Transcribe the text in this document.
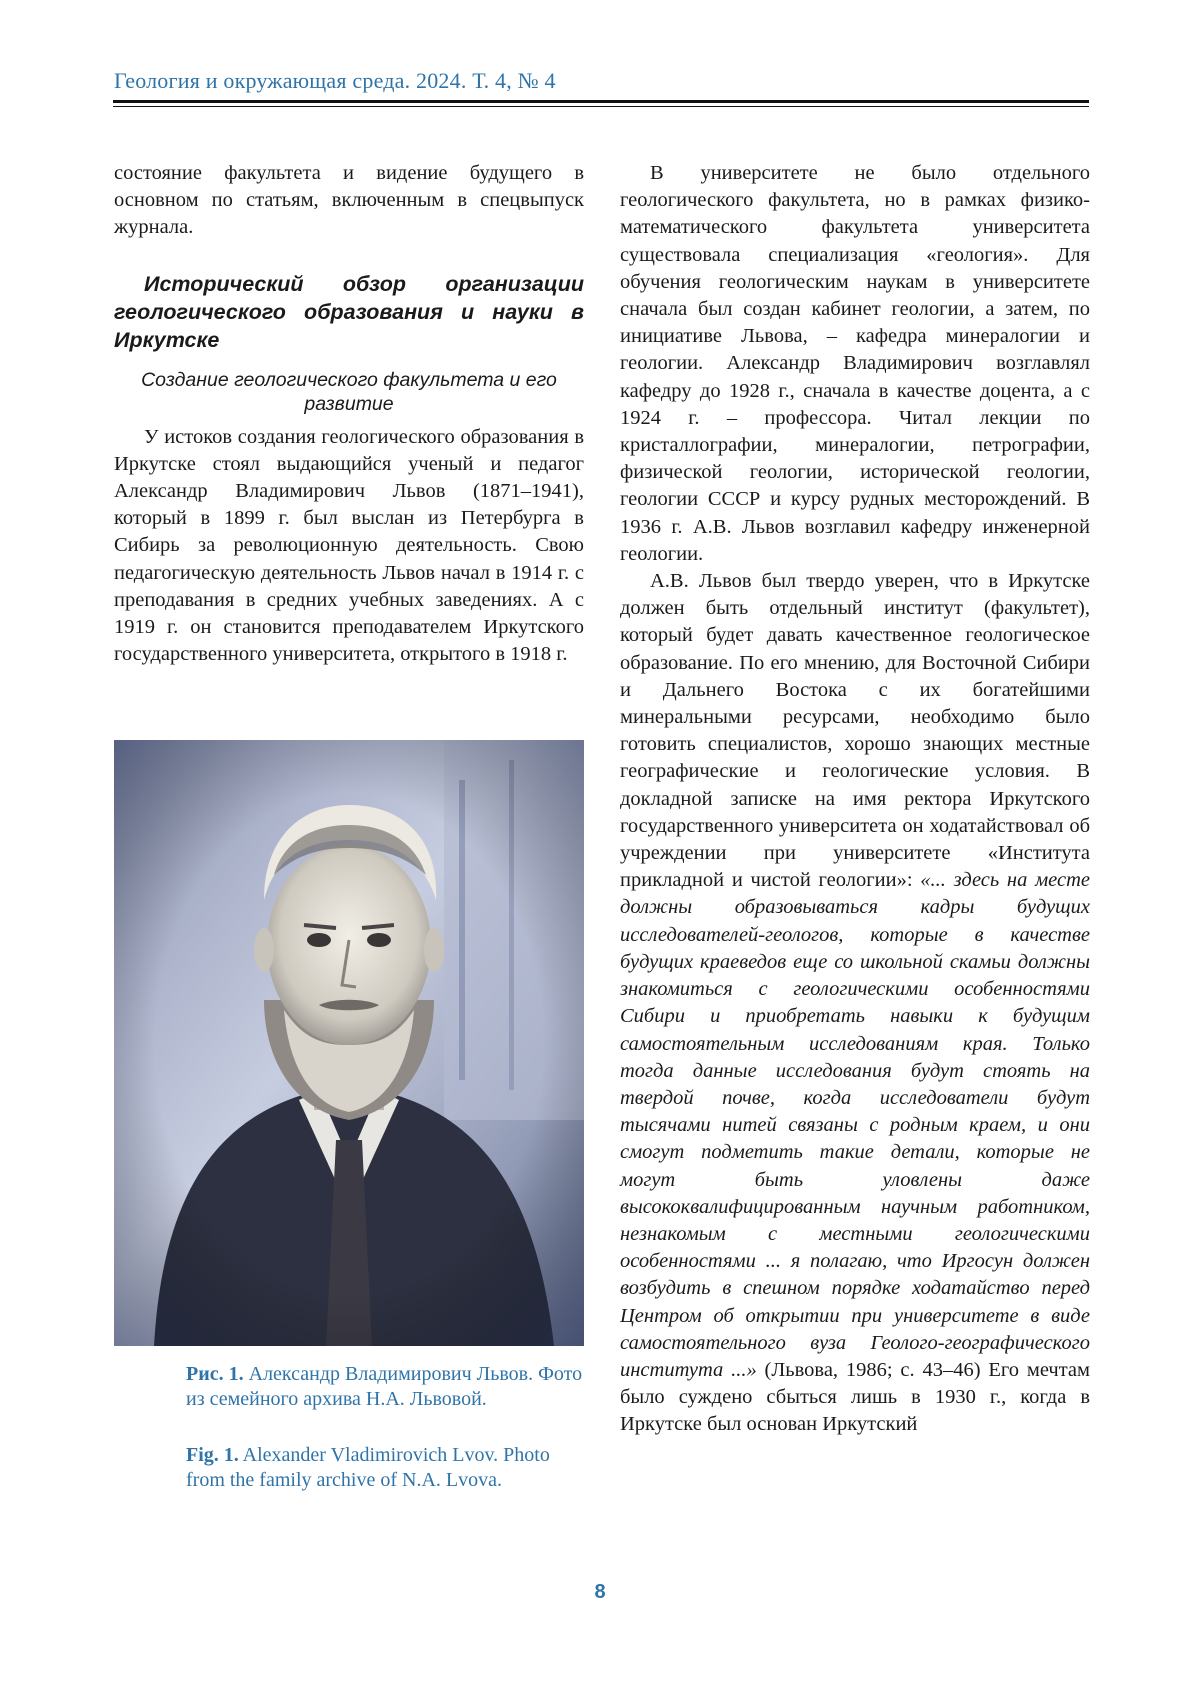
Геология и окружающая среда. 2024. Т. 4, № 4

состояние факультета и видение будущего в основном по статьям, включенным в спецвыпуск журнала.

Исторический обзор организации геологического образования и науки в Иркутске
Создание геологического факультета и его развитие

У истоков создания геологического образования в Иркутске стоял выдающийся ученый и педагог Александр Владимирович Львов (1871–1941), который в 1899 г. был выслан из Петербурга в Сибирь за революционную деятельность. Свою педагогическую деятельность Львов начал в 1914 г. с преподавания в средних учебных заведениях. А с 1919 г. он становится преподавателем Иркутского государственного университета, открытого в 1918 г.

Рис. 1. Александр Владимирович Львов. Фото из семейного архива Н.А. Львовой.
Fig. 1. Alexander Vladimirovich Lvov. Photo from the family archive of N.A. Lvova.

В университете не было отдельного геологического факультета, но в рамках физико-математического факультета университета существовала специализация «геология». Для обучения геологическим наукам в университете сначала был создан кабинет геологии, а затем, по инициативе Львова, – кафедра минералогии и геологии. Александр Владимирович возглавлял кафедру до 1928 г., сначала в качестве доцента, а с 1924 г. – профессора. Читал лекции по кристаллографии, минералогии, петрографии, физической геологии, исторической геологии, геологии СССР и курсу рудных месторождений. В 1936 г. А.В. Львов возглавил кафедру инженерной геологии.

А.В. Львов был твердо уверен, что в Иркутске должен быть отдельный институт (факультет), который будет давать качественное геологическое образование. По его мнению, для Восточной Сибири и Дальнего Востока с их богатейшими минеральными ресурсами, необходимо было готовить специалистов, хорошо знающих местные географические и геологические условия. В докладной записке на имя ректора Иркутского государственного университета он ходатайствовал об учреждении при университете «Института прикладной и чистой геологии»: «... здесь на месте должны образовываться кадры будущих исследователей-геологов, которые в качестве будущих краеведов еще со школьной скамьи должны знакомиться с геологическими особенностями Сибири и приобретать навыки к будущим самостоятельным исследованиям края. Только тогда данные исследования будут стоять на твердой почве, когда исследователи будут тысячами нитей связаны с родным краем, и они смогут подметить такие детали, которые не могут быть уловлены даже высококвалифицированным научным работником, незнакомым с местными геологическими особенностями ... я полагаю, что Иргосун должен возбудить в спешном порядке ходатайство перед Центром об открытии при университете в виде самостоятельного вуза Геолого-географического института ...» (Львова, 1986; с. 43–46) Его мечтам было суждено сбыться лишь в 1930 г., когда в Иркутске был основан Иркутский

8
